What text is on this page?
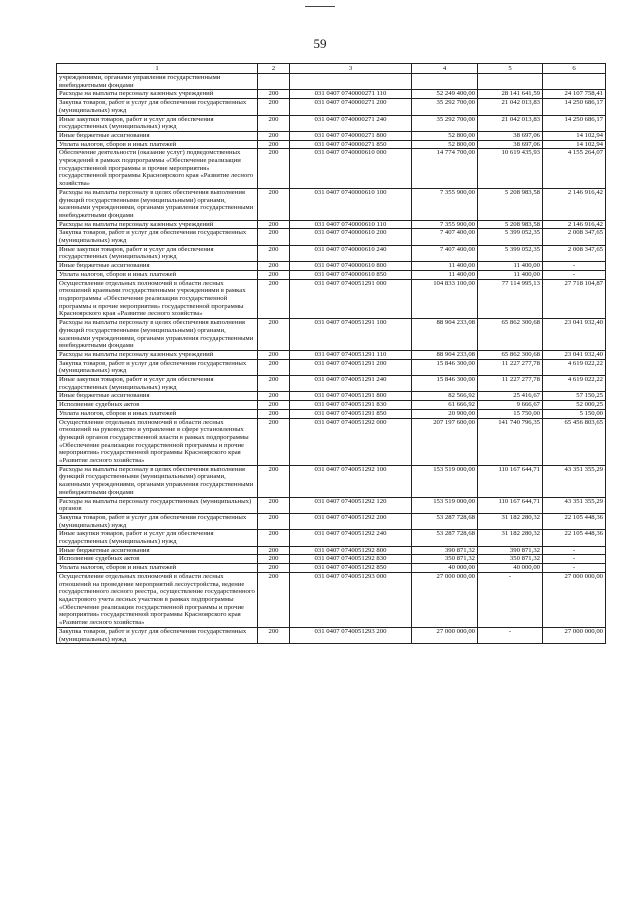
59
1	2	3	4	5	6
учреждениями, органами управления государственными внебюджетными фондами					
Расходы на выплаты персоналу казенных учреждений	200	031 0407 0740000271 110	52 249 400,00	28 141 641,59	24 107 758,41
Закупка товаров, работ и услуг для обеспечения государственных (муниципальных) нужд	200	031 0407 0740000271 200	35 292 700,00	21 042 013,83	14 250 686,17
Иные закупки товаров, работ и услуг для обеспечения государственных (муниципальных) нужд	200	031 0407 0740000271 240	35 292 700,00	21 042 013,83	14 250 686,17
Иные бюджетные ассигнования	200	031 0407 0740000271 800	52 800,00	38 697,06	14 102,94
Уплата налогов, сборов и иных платежей	200	031 0407 0740000271 850	52 800,00	38 697,06	14 102,94
Обеспечение деятельности (оказание услуг) подведомственных учреждений в рамках подпрограммы «Обеспечение реализации государственной программы и прочие мероприятия» государственной программы Красноярского края «Развитие лесного хозяйства»	200	031 0407 0740000610 000	14 774 700,00	10 619 435,93	4 155 264,07
Расходы на выплаты персоналу в целях обеспечения выполнения функций государственными (муниципальными) органами, казенными учреждениями, органами управления государственными внебюджетными фондами	200	031 0407 0740000610 100	7 355 900,00	5 208 983,58	2 146 916,42
Расходы на выплаты персоналу казенных учреждений	200	031 0407 0740000610 110	7 355 900,00	5 208 983,58	2 146 916,42
Закупка товаров, работ и услуг для обеспечения государственных (муниципальных) нужд	200	031 0407 0740000610 200	7 407 400,00	5 399 052,35	2 008 347,65
Иные закупки товаров, работ и услуг для обеспечения государственных (муниципальных) нужд	200	031 0407 0740000610 240	7 407 400,00	5 399 052,35	2 008 347,65
Иные бюджетные ассигнования	200	031 0407 0740000610 800	11 400,00	11 400,00	-
Уплата налогов, сборов и иных платежей	200	031 0407 0740000610 850	11 400,00	11 400,00	-
Осуществление отдельных полномочий в области лесных отношений краевыми государственными учреждениями в рамках подпрограммы «Обеспечение реализации государственной программы и прочие мероприятия» государственной программы Красноярского края «Развитие лесного хозяйства»	200	031 0407 0740051291 000	104 833 100,00	77 114 995,13	27 718 104,87
Расходы на выплаты персоналу в целях обеспечения выполнения функций государственными (муниципальными) органами, казенными учреждениями, органами управления государственными внебюджетными фондами	200	031 0407 0740051291 100	88 904 233,08	65 862 300,68	23 041 932,40
Расходы на выплаты персоналу казенных учреждений	200	031 0407 0740051291 110	88 904 233,08	65 862 300,68	23 041 932,40
Закупка товаров, работ и услуг для обеспечения государственных (муниципальных) нужд	200	031 0407 0740051291 200	15 846 300,00	11 227 277,78	4 619 022,22
Иные закупки товаров, работ и услуг для обеспечения государственных (муниципальных) нужд	200	031 0407 0740051291 240	15 846 300,00	11 227 277,78	4 619 022,22
Иные бюджетные ассигнования	200	031 0407 0740051291 800	82 566,92	25 416,67	57 150,25
Исполнение судебных актов	200	031 0407 0740051291 830	61 666,92	9 666,67	52 000,25
Уплата налогов, сборов и иных платежей	200	031 0407 0740051291 850	20 900,00	15 750,00	5 150,00
Осуществление отдельных полномочий в области лесных отношений на руководство и управление в сфере установленных функций органов государственной власти в рамках подпрограммы «Обеспечение реализации государственной программы и прочие мероприятия» государственной программы Красноярского края «Развитие лесного хозяйства»	200	031 0407 0740051292 000	207 197 600,00	141 740 796,35	65 456 803,65
Расходы на выплаты персоналу в целях обеспечения выполнения функций государственными (муниципальными) органами, казенными учреждениями, органами управления государственными внебюджетными фондами	200	031 0407 0740051292 100	153 519 000,00	110 167 644,71	43 351 355,29
Расходы на выплаты персоналу государственных (муниципальных) органов	200	031 0407 0740051292 120	153 519 000,00	110 167 644,71	43 351 355,29
Закупка товаров, работ и услуг для обеспечения государственных (муниципальных) нужд	200	031 0407 0740051292 200	53 287 728,68	31 182 280,32	22 105 448,36
Иные закупки товаров, работ и услуг для обеспечения государственных (муниципальных) нужд	200	031 0407 0740051292 240	53 287 728,68	31 182 280,32	22 105 448,36
Иные бюджетные ассигнования	200	031 0407 0740051292 800	390 871,32	390 871,32	-
Исполнение судебных актов	200	031 0407 0740051292 830	350 871,32	350 871,32	-
Уплата налогов, сборов и иных платежей	200	031 0407 0740051292 850	40 000,00	40 000,00	-
Осуществление отдельных полномочий в области лесных отношений на проведение мероприятий лесоустройства, ведение государственного лесного реестра, осуществление государственного кадастрового учета лесных участков в рамках подпрограммы «Обеспечение реализации государственной программы и прочие мероприятия» государственной программы Красноярского края «Развитие лесного хозяйства»	200	031 0407 0740051293 000	27 000 000,00	-	27 000 000,00
Закупка товаров, работ и услуг для обеспечения государственных (муниципальных) нужд	200	031 0407 0740051293 200	27 000 000,00	-	27 000 000,00
